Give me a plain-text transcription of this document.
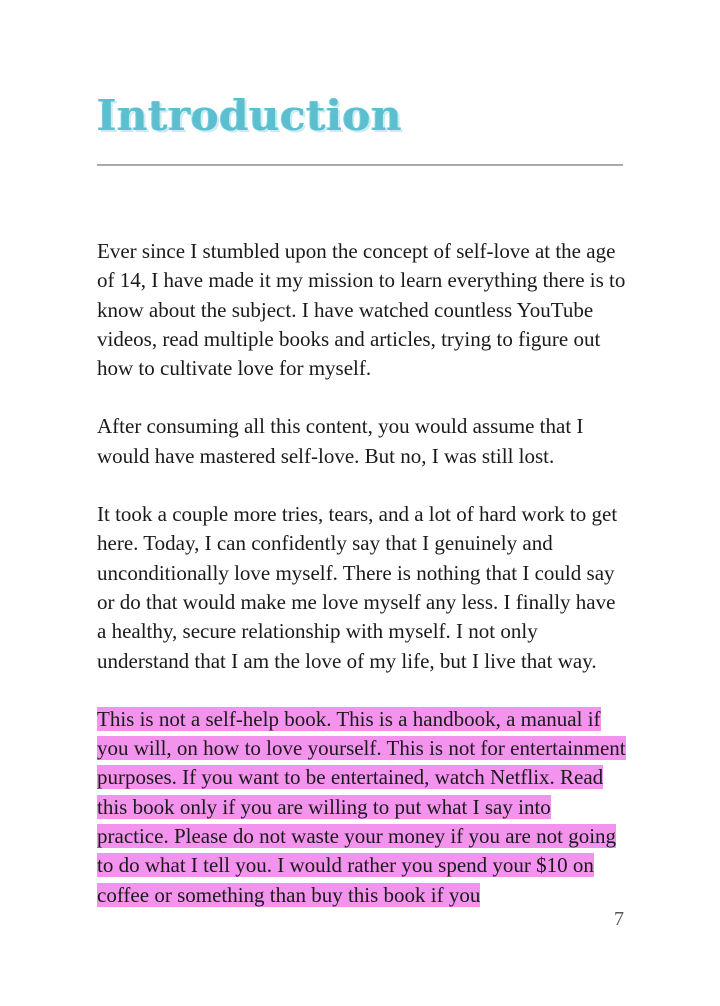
Introduction

Ever since I stumbled upon the concept of self-love at the age of 14, I have made it my mission to learn everything there is to know about the subject. I have watched countless YouTube videos, read multiple books and articles, trying to figure out how to cultivate love for myself.

After consuming all this content, you would assume that I would have mastered self-love. But no, I was still lost.

It took a couple more tries, tears, and a lot of hard work to get here. Today, I can confidently say that I genuinely and unconditionally love myself. There is nothing that I could say or do that would make me love myself any less. I finally have a healthy, secure relationship with myself. I not only understand that I am the love of my life, but I live that way.

This is not a self-help book. This is a handbook, a manual if you will, on how to love yourself. This is not for entertainment purposes. If you want to be entertained, watch Netflix. Read this book only if you are willing to put what I say into practice. Please do not waste your money if you are not going to do what I tell you. I would rather you spend your $10 on coffee or something than buy this book if you

7
